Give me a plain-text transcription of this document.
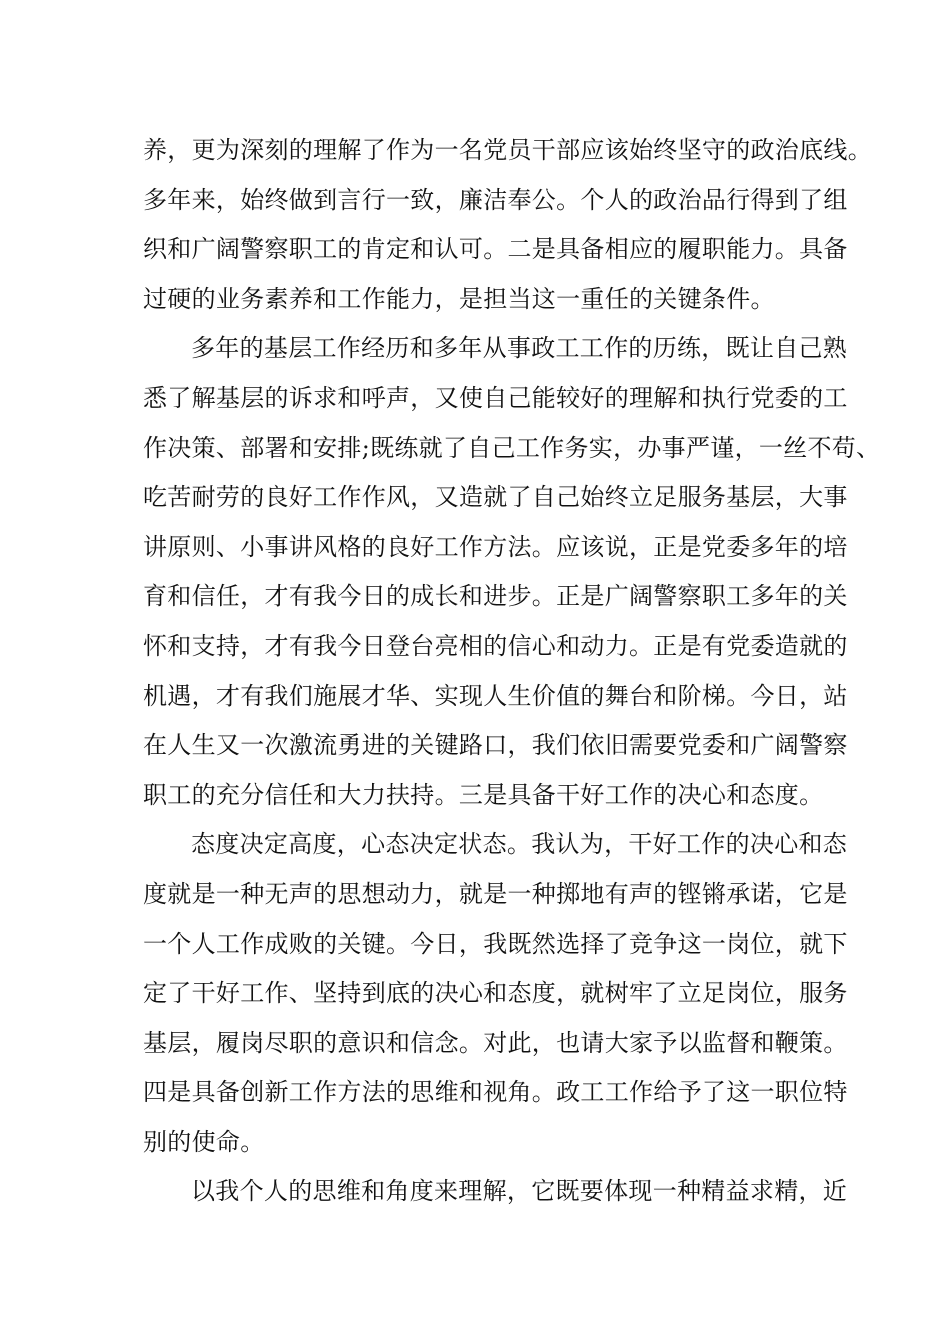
养，更为深刻的理解了作为一名党员干部应该始终坚守的政治底线。
多年来，始终做到言行一致，廉洁奉公。个人的政治品行得到了组
织和广阔警察职工的肯定和认可。二是具备相应的履职能力。具备
过硬的业务素养和工作能力，是担当这一重任的关键条件。
多年的基层工作经历和多年从事政工工作的历练，既让自己熟
悉了解基层的诉求和呼声，又使自己能较好的理解和执行党委的工
作决策、部署和安排;既练就了自己工作务实，办事严谨，一丝不苟、
吃苦耐劳的良好工作作风，又造就了自己始终立足服务基层，大事
讲原则、小事讲风格的良好工作方法。应该说，正是党委多年的培
育和信任，才有我今日的成长和进步。正是广阔警察职工多年的关
怀和支持，才有我今日登台亮相的信心和动力。正是有党委造就的
机遇，才有我们施展才华、实现人生价值的舞台和阶梯。今日，站
在人生又一次激流勇进的关键路口，我们依旧需要党委和广阔警察
职工的充分信任和大力扶持。三是具备干好工作的决心和态度。
态度决定高度，心态决定状态。我认为，干好工作的决心和态
度就是一种无声的思想动力，就是一种掷地有声的铿锵承诺，它是
一个人工作成败的关键。今日，我既然选择了竞争这一岗位，就下
定了干好工作、坚持到底的决心和态度，就树牢了立足岗位，服务
基层，履岗尽职的意识和信念。对此，也请大家予以监督和鞭策。
四是具备创新工作方法的思维和视角。政工工作给予了这一职位特
别的使命。
以我个人的思维和角度来理解，它既要体现一种精益求精，近
